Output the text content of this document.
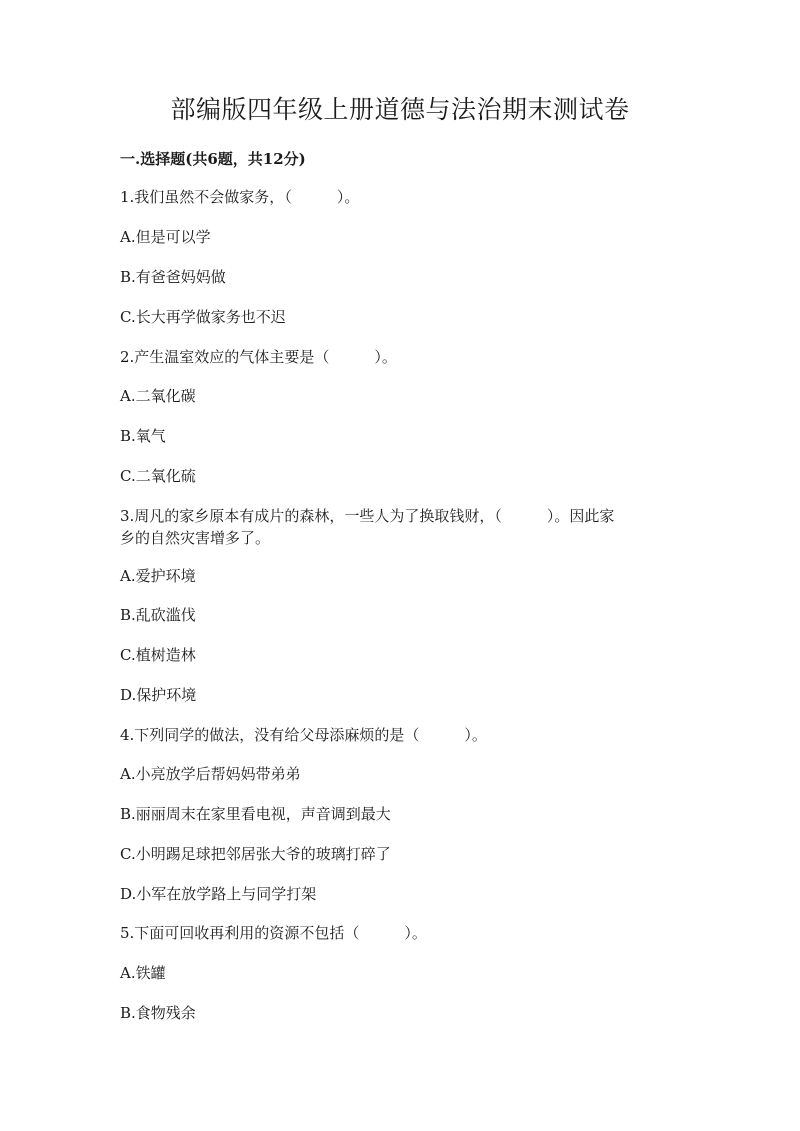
部编版四年级上册道德与法治期末测试卷
一.选择题(共6题，共12分)
1.我们虽然不会做家务，（　　　）。
A.但是可以学
B.有爸爸妈妈做
C.长大再学做家务也不迟
2.产生温室效应的气体主要是（　　　）。
A.二氧化碳
B.氧气
C.二氧化硫
3.周凡的家乡原本有成片的森林，一些人为了换取钱财，（　　　）。因此家
乡的自然灾害增多了。
A.爱护环境
B.乱砍滥伐
C.植树造林
D.保护环境
4.下列同学的做法，没有给父母添麻烦的是（　　　）。
A.小亮放学后帮妈妈带弟弟
B.丽丽周末在家里看电视，声音调到最大
C.小明踢足球把邻居张大爷的玻璃打碎了
D.小军在放学路上与同学打架
5.下面可回收再利用的资源不包括（　　　）。
A.铁罐
B.食物残余
